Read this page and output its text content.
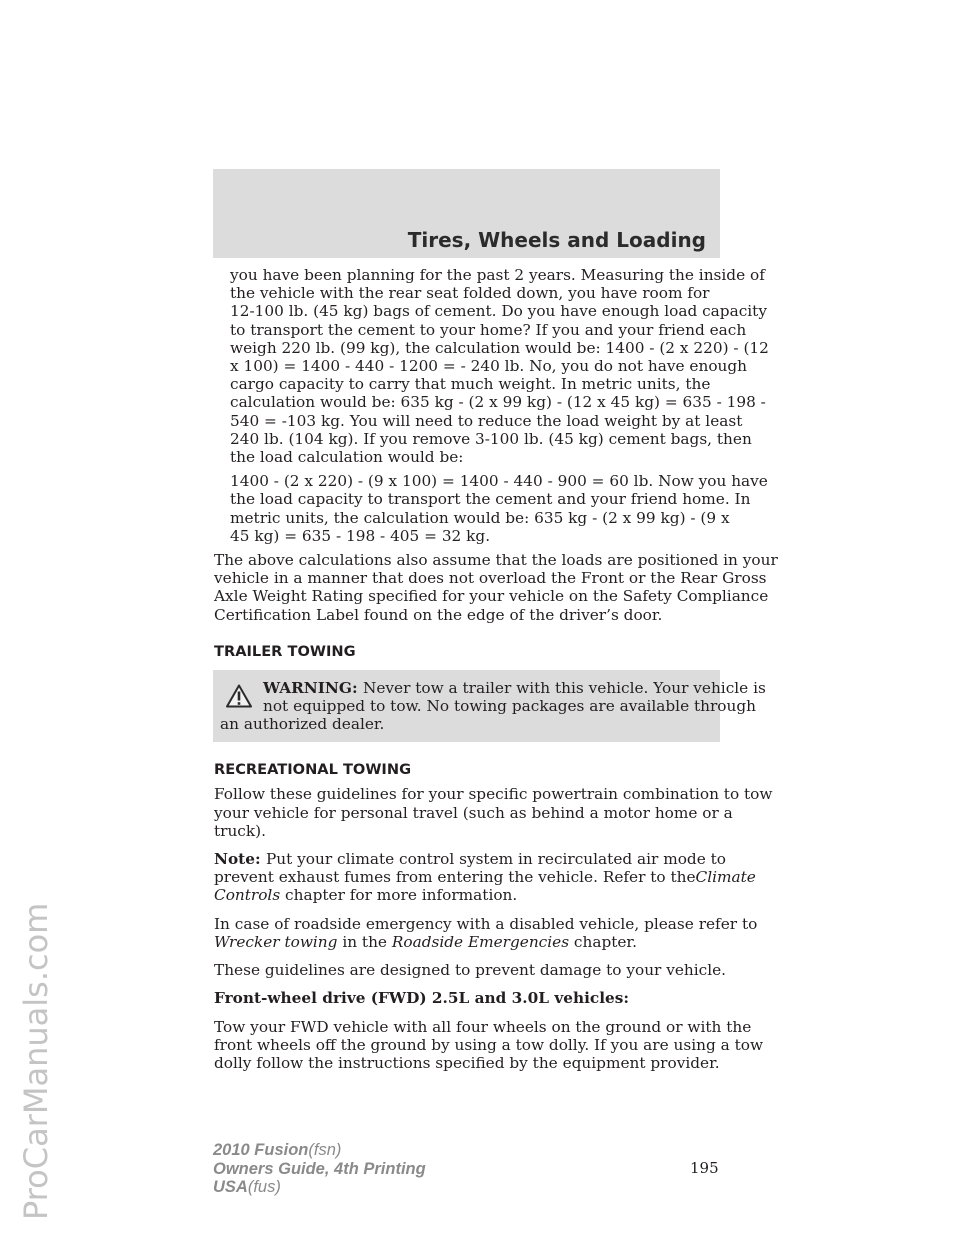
Tires, Wheels and Loading
you have been planning for the past 2 years. Measuring the inside of
the vehicle with the rear seat folded down, you have room for
12-100 lb. (45 kg) bags of cement. Do you have enough load capacity
to transport the cement to your home? If you and your friend each
weigh 220 lb. (99 kg), the calculation would be: 1400 - (2 x 220) - (12
x 100) = 1400 - 440 - 1200 = - 240 lb. No, you do not have enough
cargo capacity to carry that much weight. In metric units, the
calculation would be: 635 kg - (2 x 99 kg) - (12 x 45 kg) = 635 - 198 -
540 = -103 kg. You will need to reduce the load weight by at least
240 lb. (104 kg). If you remove 3-100 lb. (45 kg) cement bags, then
the load calculation would be:
1400 - (2 x 220) - (9 x 100) = 1400 - 440 - 900 = 60 lb. Now you have
the load capacity to transport the cement and your friend home. In
metric units, the calculation would be: 635 kg - (2 x 99 kg) - (9 x
45 kg) = 635 - 198 - 405 = 32 kg.
The above calculations also assume that the loads are positioned in your
vehicle in a manner that does not overload the Front or the Rear Gross
Axle Weight Rating specified for your vehicle on the Safety Compliance
Certification Label found on the edge of the driver’s door.
TRAILER TOWING
WARNING: Never tow a trailer with this vehicle. Your vehicle is
not equipped to tow. No towing packages are available through
an authorized dealer.
RECREATIONAL TOWING
Follow these guidelines for your specific powertrain combination to tow
your vehicle for personal travel (such as behind a motor home or a
truck).
Note: Put your climate control system in recirculated air mode to
prevent exhaust fumes from entering the vehicle. Refer to theClimate
Controls chapter for more information.
In case of roadside emergency with a disabled vehicle, please refer to
Wrecker towing in the Roadside Emergencies chapter.
These guidelines are designed to prevent damage to your vehicle.
Front-wheel drive (FWD) 2.5L and 3.0L vehicles:
Tow your FWD vehicle with all four wheels on the ground or with the
front wheels off the ground by using a tow dolly. If you are using a tow
dolly follow the instructions specified by the equipment provider.
195
2010 Fusion(fsn)
Owners Guide, 4th Printing
USA(fus)
ProCarManuals.com
